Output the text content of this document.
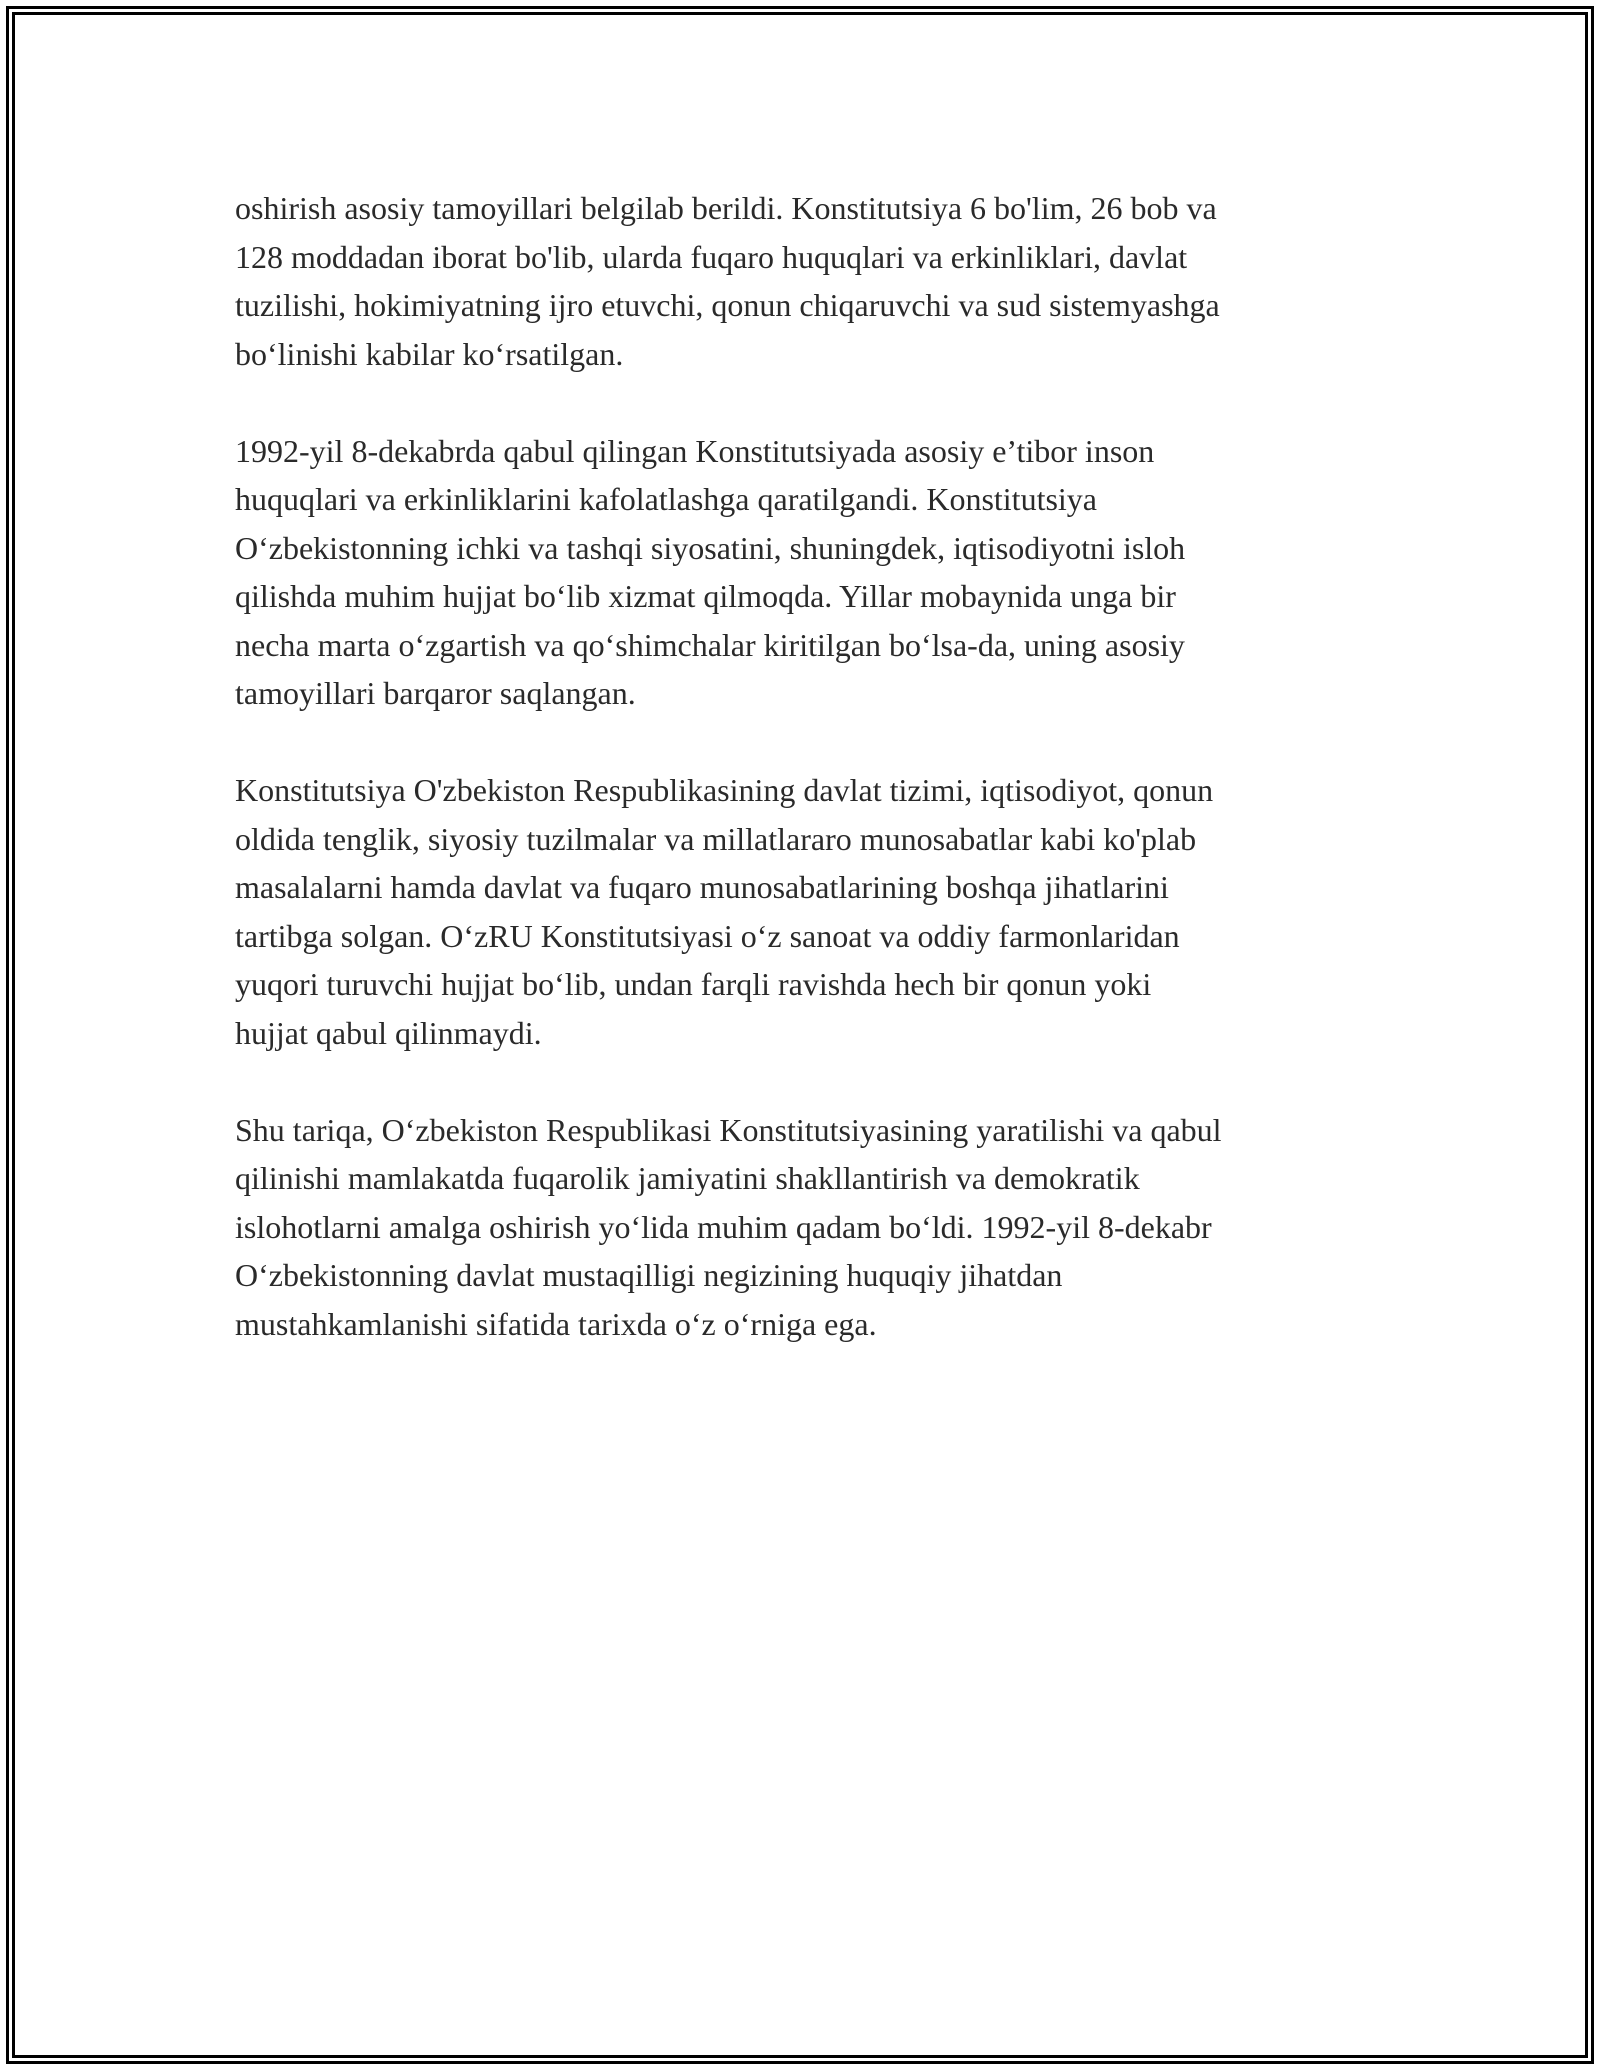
oshirish asosiy tamoyillari belgilab berildi. Konstitutsiya 6 bo'lim, 26 bob va
128 moddadan iborat bo'lib, ularda fuqaro huquqlari va erkinliklari, davlat
tuzilishi, hokimiyatning ijro etuvchi, qonun chiqaruvchi va sud sistemyashga
bo‘linishi kabilar ko‘rsatilgan.

1992-yil 8-dekabrda qabul qilingan Konstitutsiyada asosiy e’tibor inson
huquqlari va erkinliklarini kafolatlashga qaratilgandi. Konstitutsiya
O‘zbekistonning ichki va tashqi siyosatini, shuningdek, iqtisodiyotni isloh
qilishda muhim hujjat bo‘lib xizmat qilmoqda. Yillar mobaynida unga bir
necha marta o‘zgartish va qo‘shimchalar kiritilgan bo‘lsa-da, uning asosiy
tamoyillari barqaror saqlangan.

Konstitutsiya O'zbekiston Respublikasining davlat tizimi, iqtisodiyot, qonun
oldida tenglik, siyosiy tuzilmalar va millatlararo munosabatlar kabi ko'plab
masalalarni hamda davlat va fuqaro munosabatlarining boshqa jihatlarini
tartibga solgan. O‘zRU Konstitutsiyasi o‘z sanoat va oddiy farmonlaridan
yuqori turuvchi hujjat bo‘lib, undan farqli ravishda hech bir qonun yoki
hujjat qabul qilinmaydi.

Shu tariqa, O‘zbekiston Respublikasi Konstitutsiyasining yaratilishi va qabul
qilinishi mamlakatda fuqarolik jamiyatini shakllantirish va demokratik
islohotlarni amalga oshirish yo‘lida muhim qadam bo‘ldi. 1992-yil 8-dekabr
O‘zbekistonning davlat mustaqilligi negizining huquqiy jihatdan
mustahkamlanishi sifatida tarixda o‘z o‘rniga ega.
